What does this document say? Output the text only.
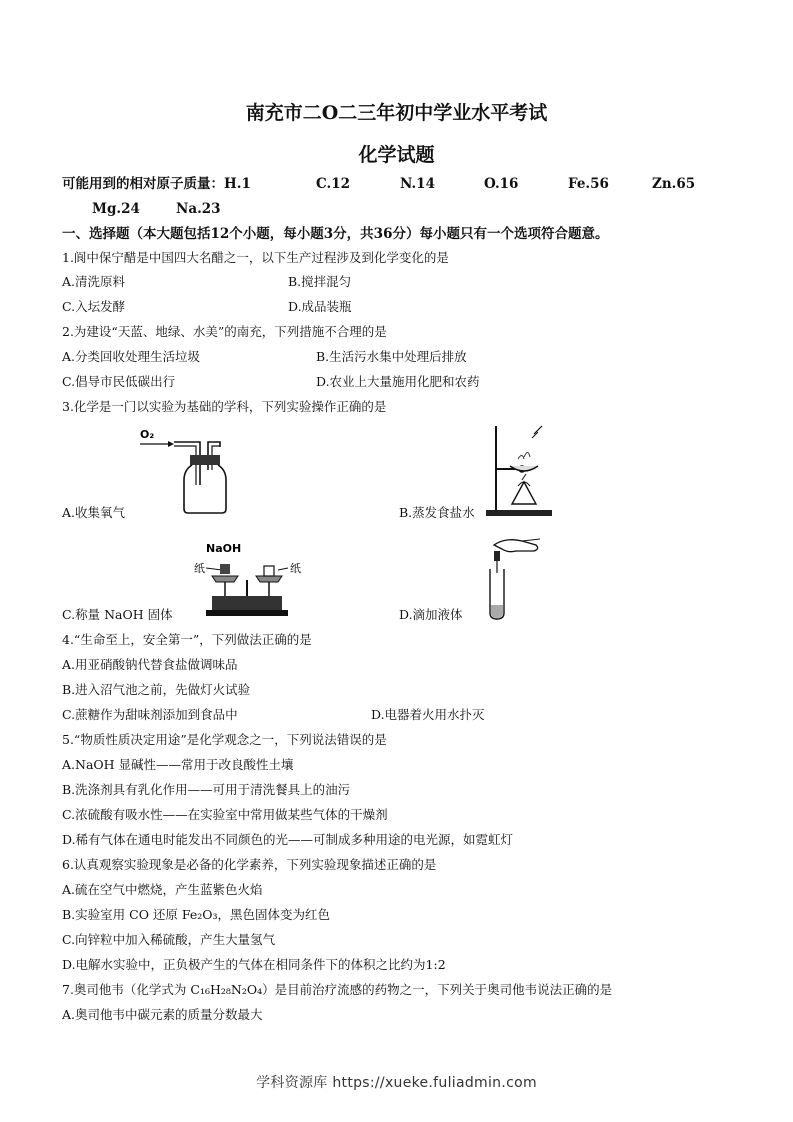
南充市二O二三年初中学业水平考试
化学试题
可能用到的相对原子质量：H.1	C.12	N.14	O.16	Fe.56	Zn.65
Mg.24	Na.23
一、选择题（本大题包括12个小题，每小题3分，共36分）每小题只有一个选项符合题意。
1.阆中保宁醋是中国四大名醋之一，以下生产过程涉及到化学变化的是
A.清洗原料	B.搅拌混匀
C.入坛发酵	D.成品装瓶
2.为建设“天蓝、地绿、水美”的南充，下列措施不合理的是
A.分类回收处理生活垃圾	B.生活污水集中处理后排放
C.倡导市民低碳出行	D.农业上大量施用化肥和农药
3.化学是一门以实验为基础的学科，下列实验操作正确的是
O₂
A.收集氧气	B.蒸发食盐水
NaOH
纸	纸
C.称量 NaOH 固体	D.滴加液体
4.“生命至上，安全第一”，下列做法正确的是
A.用亚硝酸钠代替食盐做调味品
B.进入沼气池之前，先做灯火试验
C.蔗糖作为甜味剂添加到食品中	D.电器着火用水扑灭
5.“物质性质决定用途”是化学观念之一，下列说法错误的是
A.NaOH 显碱性——常用于改良酸性土壤
B.洗涤剂具有乳化作用——可用于清洗餐具上的油污
C.浓硫酸有吸水性——在实验室中常用做某些气体的干燥剂
D.稀有气体在通电时能发出不同颜色的光——可制成多种用途的电光源，如霓虹灯
6.认真观察实验现象是必备的化学素养，下列实验现象描述正确的是
A.硫在空气中燃烧，产生蓝紫色火焰
B.实验室用 CO 还原 Fe₂O₃，黑色固体变为红色
C.向锌粒中加入稀硫酸，产生大量氢气
D.电解水实验中，正负极产生的气体在相同条件下的体积之比约为1:2
7.奥司他韦（化学式为 C₁₆H₂₈N₂O₄）是目前治疗流感的药物之一，下列关于奥司他韦说法正确的是
A.奥司他韦中碳元素的质量分数最大
学科资源库 https://xueke.fuliadmin.com
